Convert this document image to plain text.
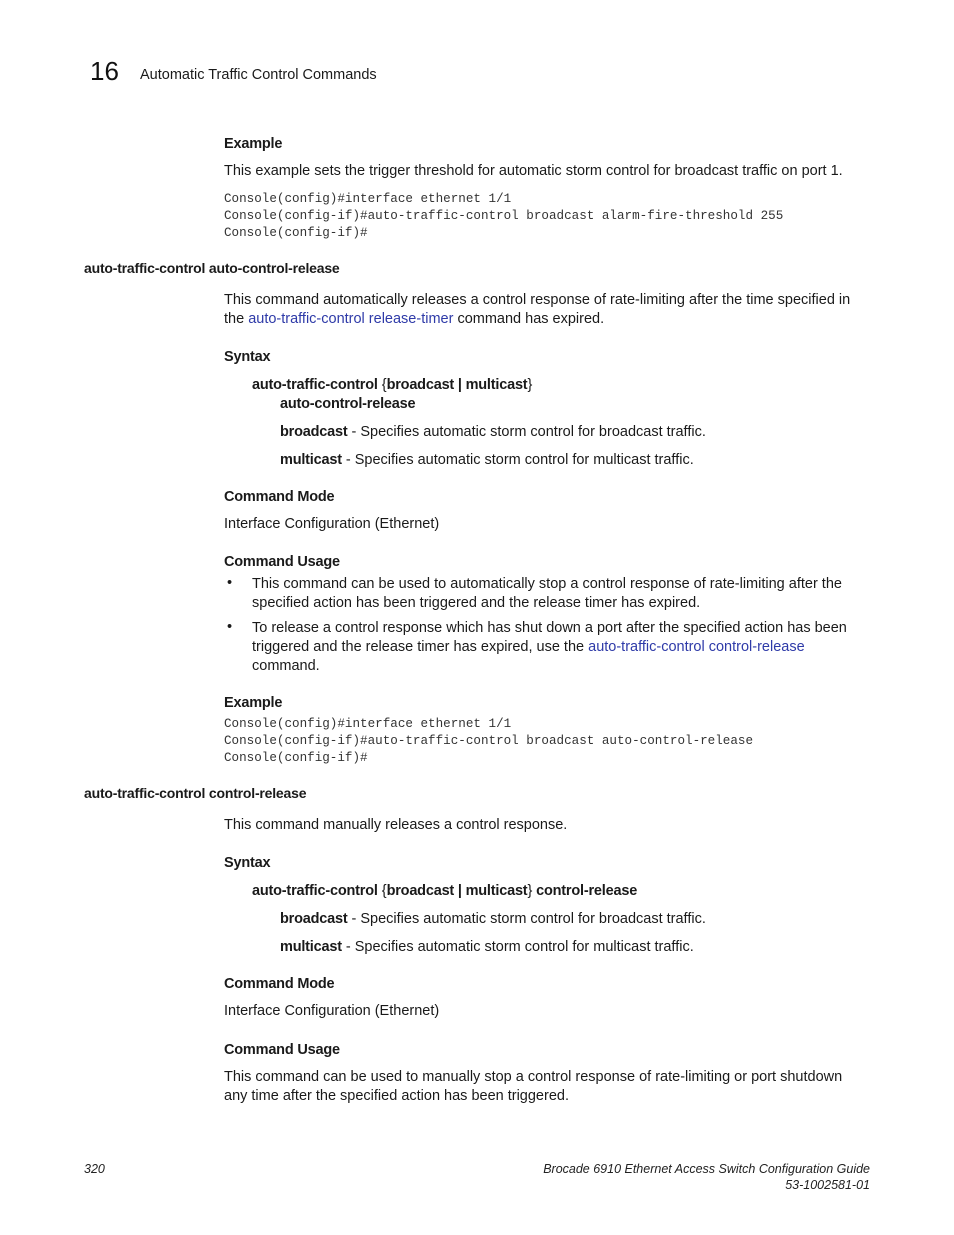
16 Automatic Traffic Control Commands
Example
This example sets the trigger threshold for automatic storm control for broadcast traffic on port 1.
Console(config)#interface ethernet 1/1
Console(config-if)#auto-traffic-control broadcast alarm-fire-threshold 255
Console(config-if)#
auto-traffic-control auto-control-release
This command automatically releases a control response of rate-limiting after the time specified in
the auto-traffic-control release-timer command has expired.
Syntax
auto-traffic-control {broadcast | multicast}
auto-control-release
broadcast - Specifies automatic storm control for broadcast traffic.
multicast - Specifies automatic storm control for multicast traffic.
Command Mode
Interface Configuration (Ethernet)
Command Usage
• This command can be used to automatically stop a control response of rate-limiting after the
specified action has been triggered and the release timer has expired.
• To release a control response which has shut down a port after the specified action has been
triggered and the release timer has expired, use the auto-traffic-control control-release
command.
Example
Console(config)#interface ethernet 1/1
Console(config-if)#auto-traffic-control broadcast auto-control-release
Console(config-if)#
auto-traffic-control control-release
This command manually releases a control response.
Syntax
auto-traffic-control {broadcast | multicast} control-release
broadcast - Specifies automatic storm control for broadcast traffic.
multicast - Specifies automatic storm control for multicast traffic.
Command Mode
Interface Configuration (Ethernet)
Command Usage
This command can be used to manually stop a control response of rate-limiting or port shutdown
any time after the specified action has been triggered.
320	Brocade 6910 Ethernet Access Switch Configuration Guide
53-1002581-01
